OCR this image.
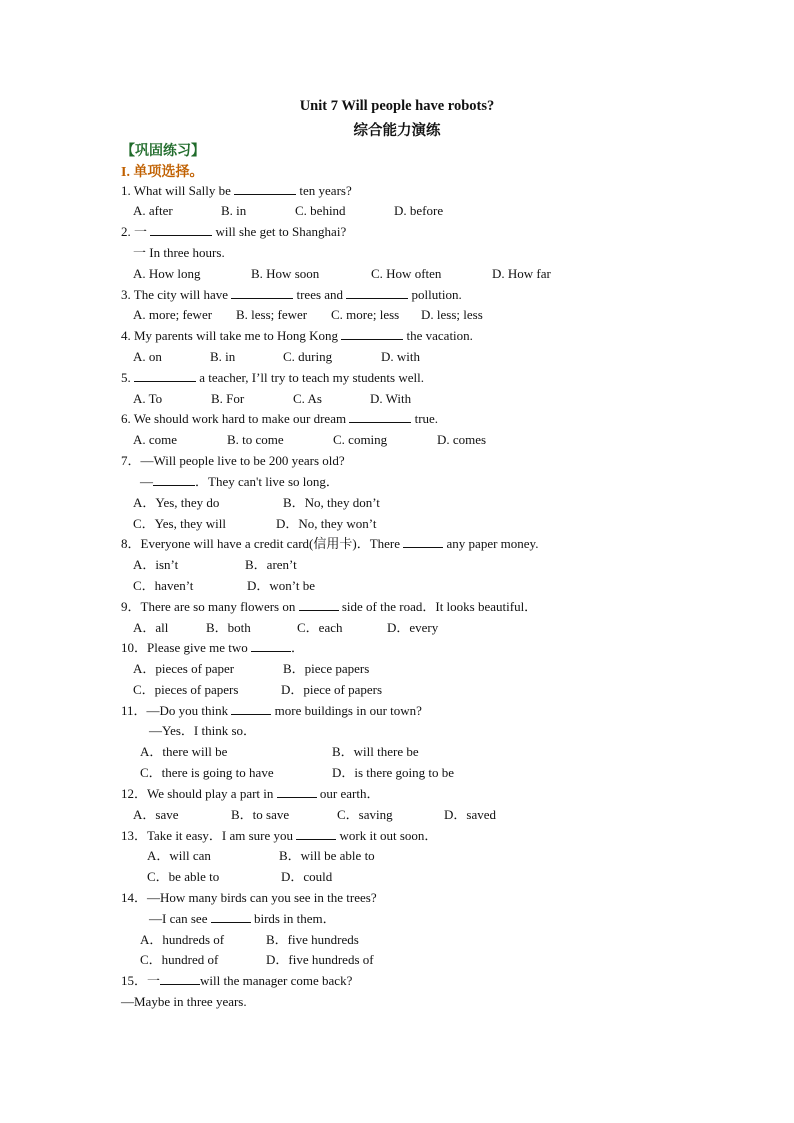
Unit 7 Will people have robots?
综合能力演练
【巩固练习】
I. 单项选择。
1. What will Sally be	ten years?
2. 一	will she get to Shanghai?
一 In three hours.
3. The city will have	trees and	pollution.
4. My parents will take me to Hong Kong	the vacation.
5.	a teacher, I’ll try to teach my students well.
6. We should work hard to make our dream	true.
7．—Will people live to be 200 years old?
—	．They can't live so long．
8．Everyone will have a credit card(信用卡)．There	any paper money.
9．There are so many flowers on	side of the road．It looks beautiful．
10．Please give me two	．
11．—Do you think	more buildings in our town?
—Yes．I think so．
12．We should play a part in	our earth．
13．Take it easy．I am sure you	work it out soon．
14．—How many birds can you see in the trees?
—I can see	birds in them．
15．一	will the manager come back?
—Maybe in three years.
A. after	B. in	C. behind	D. before
A. How long	B. How soon	C. How often	D. How far
A. more; fewer B. less; fewer C. more; less D. less; less
A. on	B. in	C. during	D. with
A. To	B. For	C. As	D. With
A. come	B. to come	C. coming	D. comes
A．Yes, they do	B．No, they don’t
C．Yes, they will	D．No, they won’t
A．isn’t	B．aren’t
C．haven’t	D．won’t be
A．all	B．both	C．each	D．every
A．pieces of paper	B．piece papers
C．pieces of papers	D．piece of papers
A．there will be	B．will there be
C．there is going to have	D．is there going to be
A．save	B．to save	C．saving	D．saved
A．will can	B．will be able to
C．be able to	D．could
A．hundreds of	B．five hundreds
C．hundred of	D．five hundreds of
